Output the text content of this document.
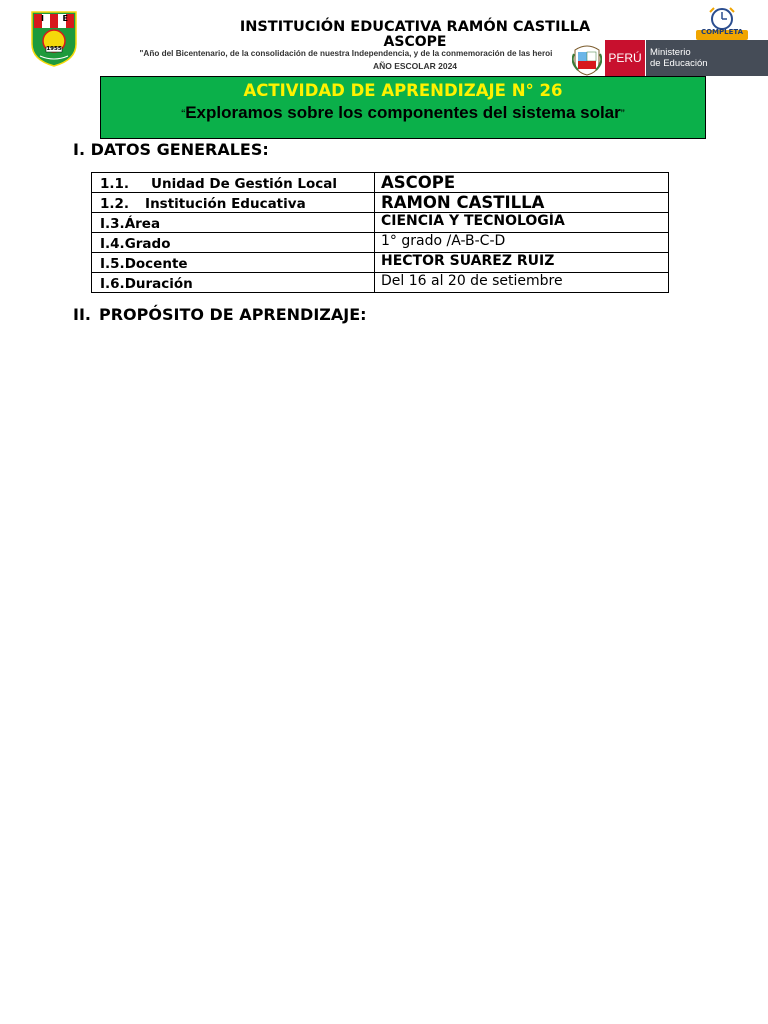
I E
1955
INSTITUCIÓN EDUCATIVA RAMÓN CASTILLA
ASCOPE
"Año del Bicentenario, de la consolidación de nuestra Independencia, y de la conmemoración de las heroi
AÑO ESCOLAR 2024
COMPLETA
PERÚ Ministerio
de Educación
ACTIVIDAD DE APRENDIZAJE N° 26
“Exploramos sobre los componentes del sistema solar”
I. DATOS GENERALES:
1.1. Unidad De Gestión Local	ASCOPE
1.2. Institución Educativa	RAMON CASTILLA
I.3.Área	CIENCIA Y TECNOLOGÍA
I.4.Grado	1° grado /A-B-C-D
I.5.Docente	HECTOR SUAREZ RUIZ
I.6.Duración	Del 16 al 20 de setiembre
II. PROPÓSITO DE APRENDIZAJE:
